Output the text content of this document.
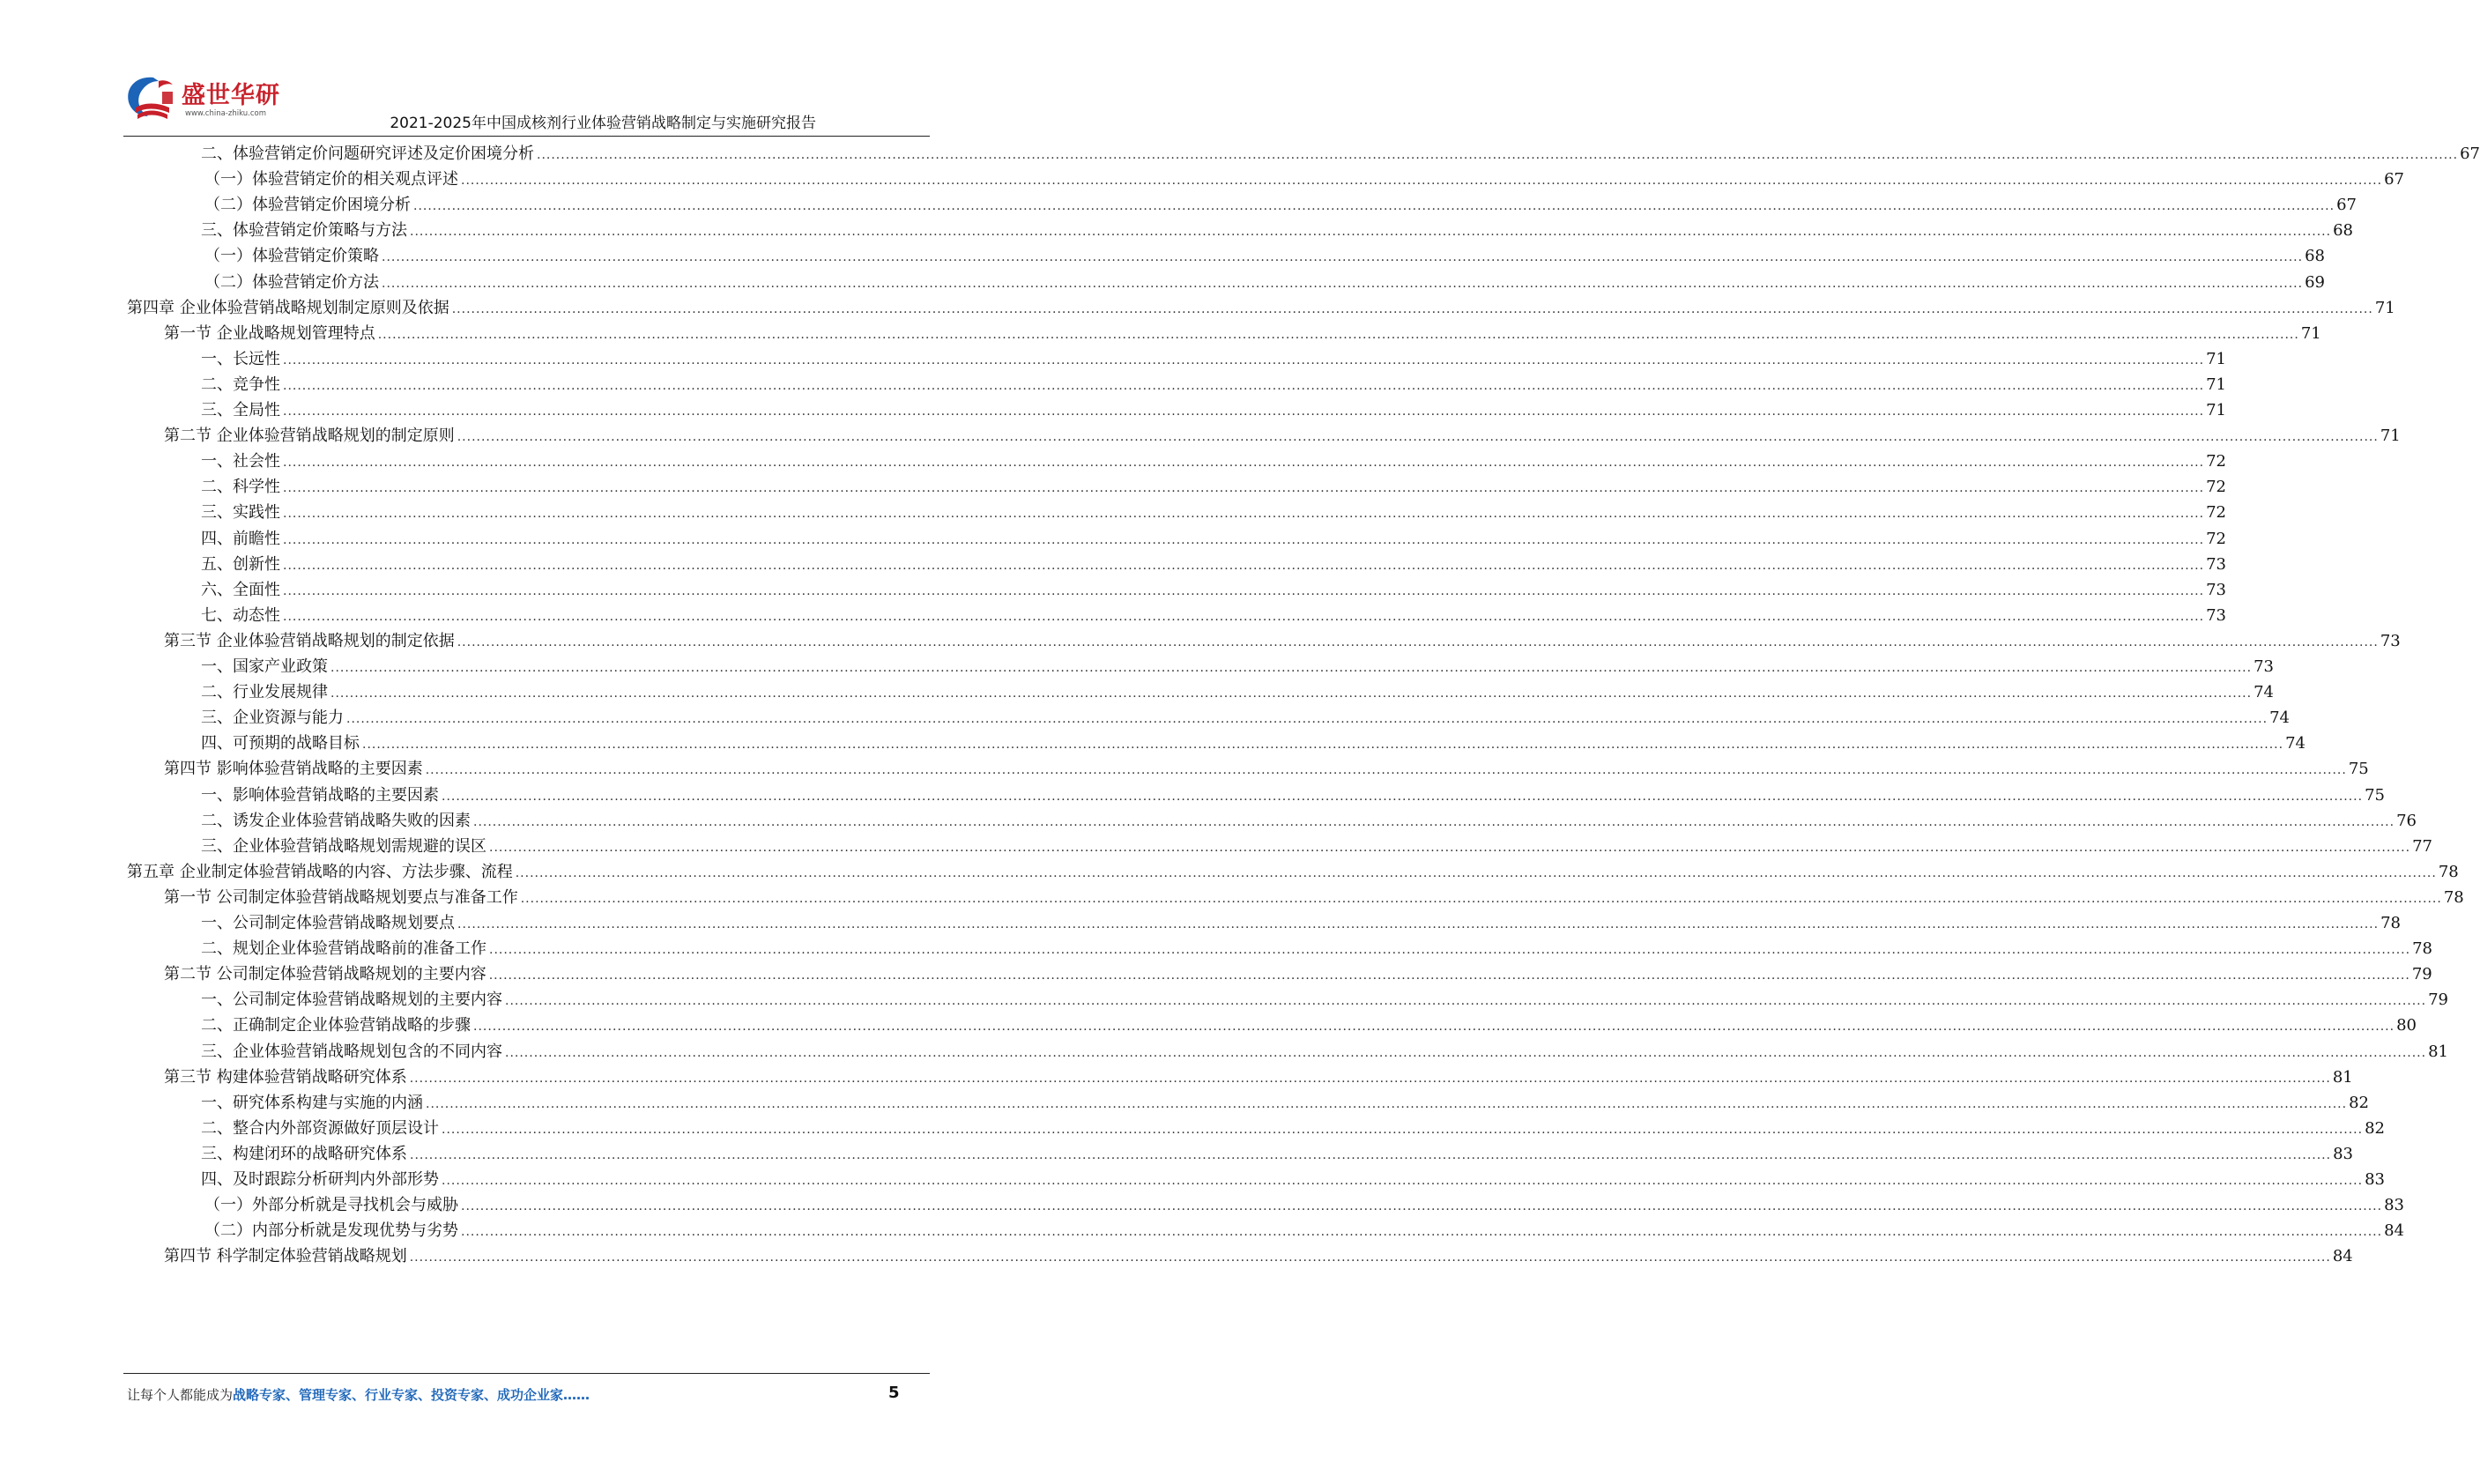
盛世华研
www.china-zhiku.com
2021-2025年中国成核剂行业体验营销战略制定与实施研究报告
二、体验营销定价问题研究评述及定价困境分析 ................................................................................................................................................................................................................................................................................................................................................................................................................ 67
（一）体验营销定价的相关观点评述 ................................................................................................................................................................................................................................................................................................................................................................................................................ 67
（二）体验营销定价困境分析 ................................................................................................................................................................................................................................................................................................................................................................................................................ 67
三、体验营销定价策略与方法 ................................................................................................................................................................................................................................................................................................................................................................................................................ 68
（一）体验营销定价策略 ................................................................................................................................................................................................................................................................................................................................................................................................................ 68
（二）体验营销定价方法 ................................................................................................................................................................................................................................................................................................................................................................................................................ 69
第四章 企业体验营销战略规划制定原则及依据 ................................................................................................................................................................................................................................................................................................................................................................................................................ 71
第一节 企业战略规划管理特点 ................................................................................................................................................................................................................................................................................................................................................................................................................ 71
一、长远性 ................................................................................................................................................................................................................................................................................................................................................................................................................ 71
二、竞争性 ................................................................................................................................................................................................................................................................................................................................................................................................................ 71
三、全局性 ................................................................................................................................................................................................................................................................................................................................................................................................................ 71
第二节 企业体验营销战略规划的制定原则 ................................................................................................................................................................................................................................................................................................................................................................................................................ 71
一、社会性 ................................................................................................................................................................................................................................................................................................................................................................................................................ 72
二、科学性 ................................................................................................................................................................................................................................................................................................................................................................................................................ 72
三、实践性 ................................................................................................................................................................................................................................................................................................................................................................................................................ 72
四、前瞻性 ................................................................................................................................................................................................................................................................................................................................................................................................................ 72
五、创新性 ................................................................................................................................................................................................................................................................................................................................................................................................................ 73
六、全面性 ................................................................................................................................................................................................................................................................................................................................................................................................................ 73
七、动态性 ................................................................................................................................................................................................................................................................................................................................................................................................................ 73
第三节 企业体验营销战略规划的制定依据 ................................................................................................................................................................................................................................................................................................................................................................................................................ 73
一、国家产业政策 ................................................................................................................................................................................................................................................................................................................................................................................................................ 73
二、行业发展规律 ................................................................................................................................................................................................................................................................................................................................................................................................................ 74
三、企业资源与能力 ................................................................................................................................................................................................................................................................................................................................................................................................................ 74
四、可预期的战略目标 ................................................................................................................................................................................................................................................................................................................................................................................................................ 74
第四节 影响体验营销战略的主要因素 ................................................................................................................................................................................................................................................................................................................................................................................................................ 75
一、影响体验营销战略的主要因素 ................................................................................................................................................................................................................................................................................................................................................................................................................ 75
二、诱发企业体验营销战略失败的因素 ................................................................................................................................................................................................................................................................................................................................................................................................................ 76
三、企业体验营销战略规划需规避的误区 ................................................................................................................................................................................................................................................................................................................................................................................................................ 77
第五章 企业制定体验营销战略的内容、方法步骤、流程 ................................................................................................................................................................................................................................................................................................................................................................................................................ 78
第一节 公司制定体验营销战略规划要点与准备工作 ................................................................................................................................................................................................................................................................................................................................................................................................................ 78
一、公司制定体验营销战略规划要点 ................................................................................................................................................................................................................................................................................................................................................................................................................ 78
二、规划企业体验营销战略前的准备工作 ................................................................................................................................................................................................................................................................................................................................................................................................................ 78
第二节 公司制定体验营销战略规划的主要内容 ................................................................................................................................................................................................................................................................................................................................................................................................................ 79
一、公司制定体验营销战略规划的主要内容 ................................................................................................................................................................................................................................................................................................................................................................................................................ 79
二、正确制定企业体验营销战略的步骤 ................................................................................................................................................................................................................................................................................................................................................................................................................ 80
三、企业体验营销战略规划包含的不同内容 ................................................................................................................................................................................................................................................................................................................................................................................................................ 81
第三节 构建体验营销战略研究体系 ................................................................................................................................................................................................................................................................................................................................................................................................................ 81
一、研究体系构建与实施的内涵 ................................................................................................................................................................................................................................................................................................................................................................................................................ 82
二、整合内外部资源做好顶层设计 ................................................................................................................................................................................................................................................................................................................................................................................................................ 82
三、构建闭环的战略研究体系 ................................................................................................................................................................................................................................................................................................................................................................................................................ 83
四、及时跟踪分析研判内外部形势 ................................................................................................................................................................................................................................................................................................................................................................................................................ 83
（一）外部分析就是寻找机会与威胁 ................................................................................................................................................................................................................................................................................................................................................................................................................ 83
（二）内部分析就是发现优势与劣势 ................................................................................................................................................................................................................................................................................................................................................................................................................ 84
第四节 科学制定体验营销战略规划 ................................................................................................................................................................................................................................................................................................................................................................................................................ 84
让每个人都能成为战略专家、管理专家、行业专家、投资专家、成功企业家……	5
